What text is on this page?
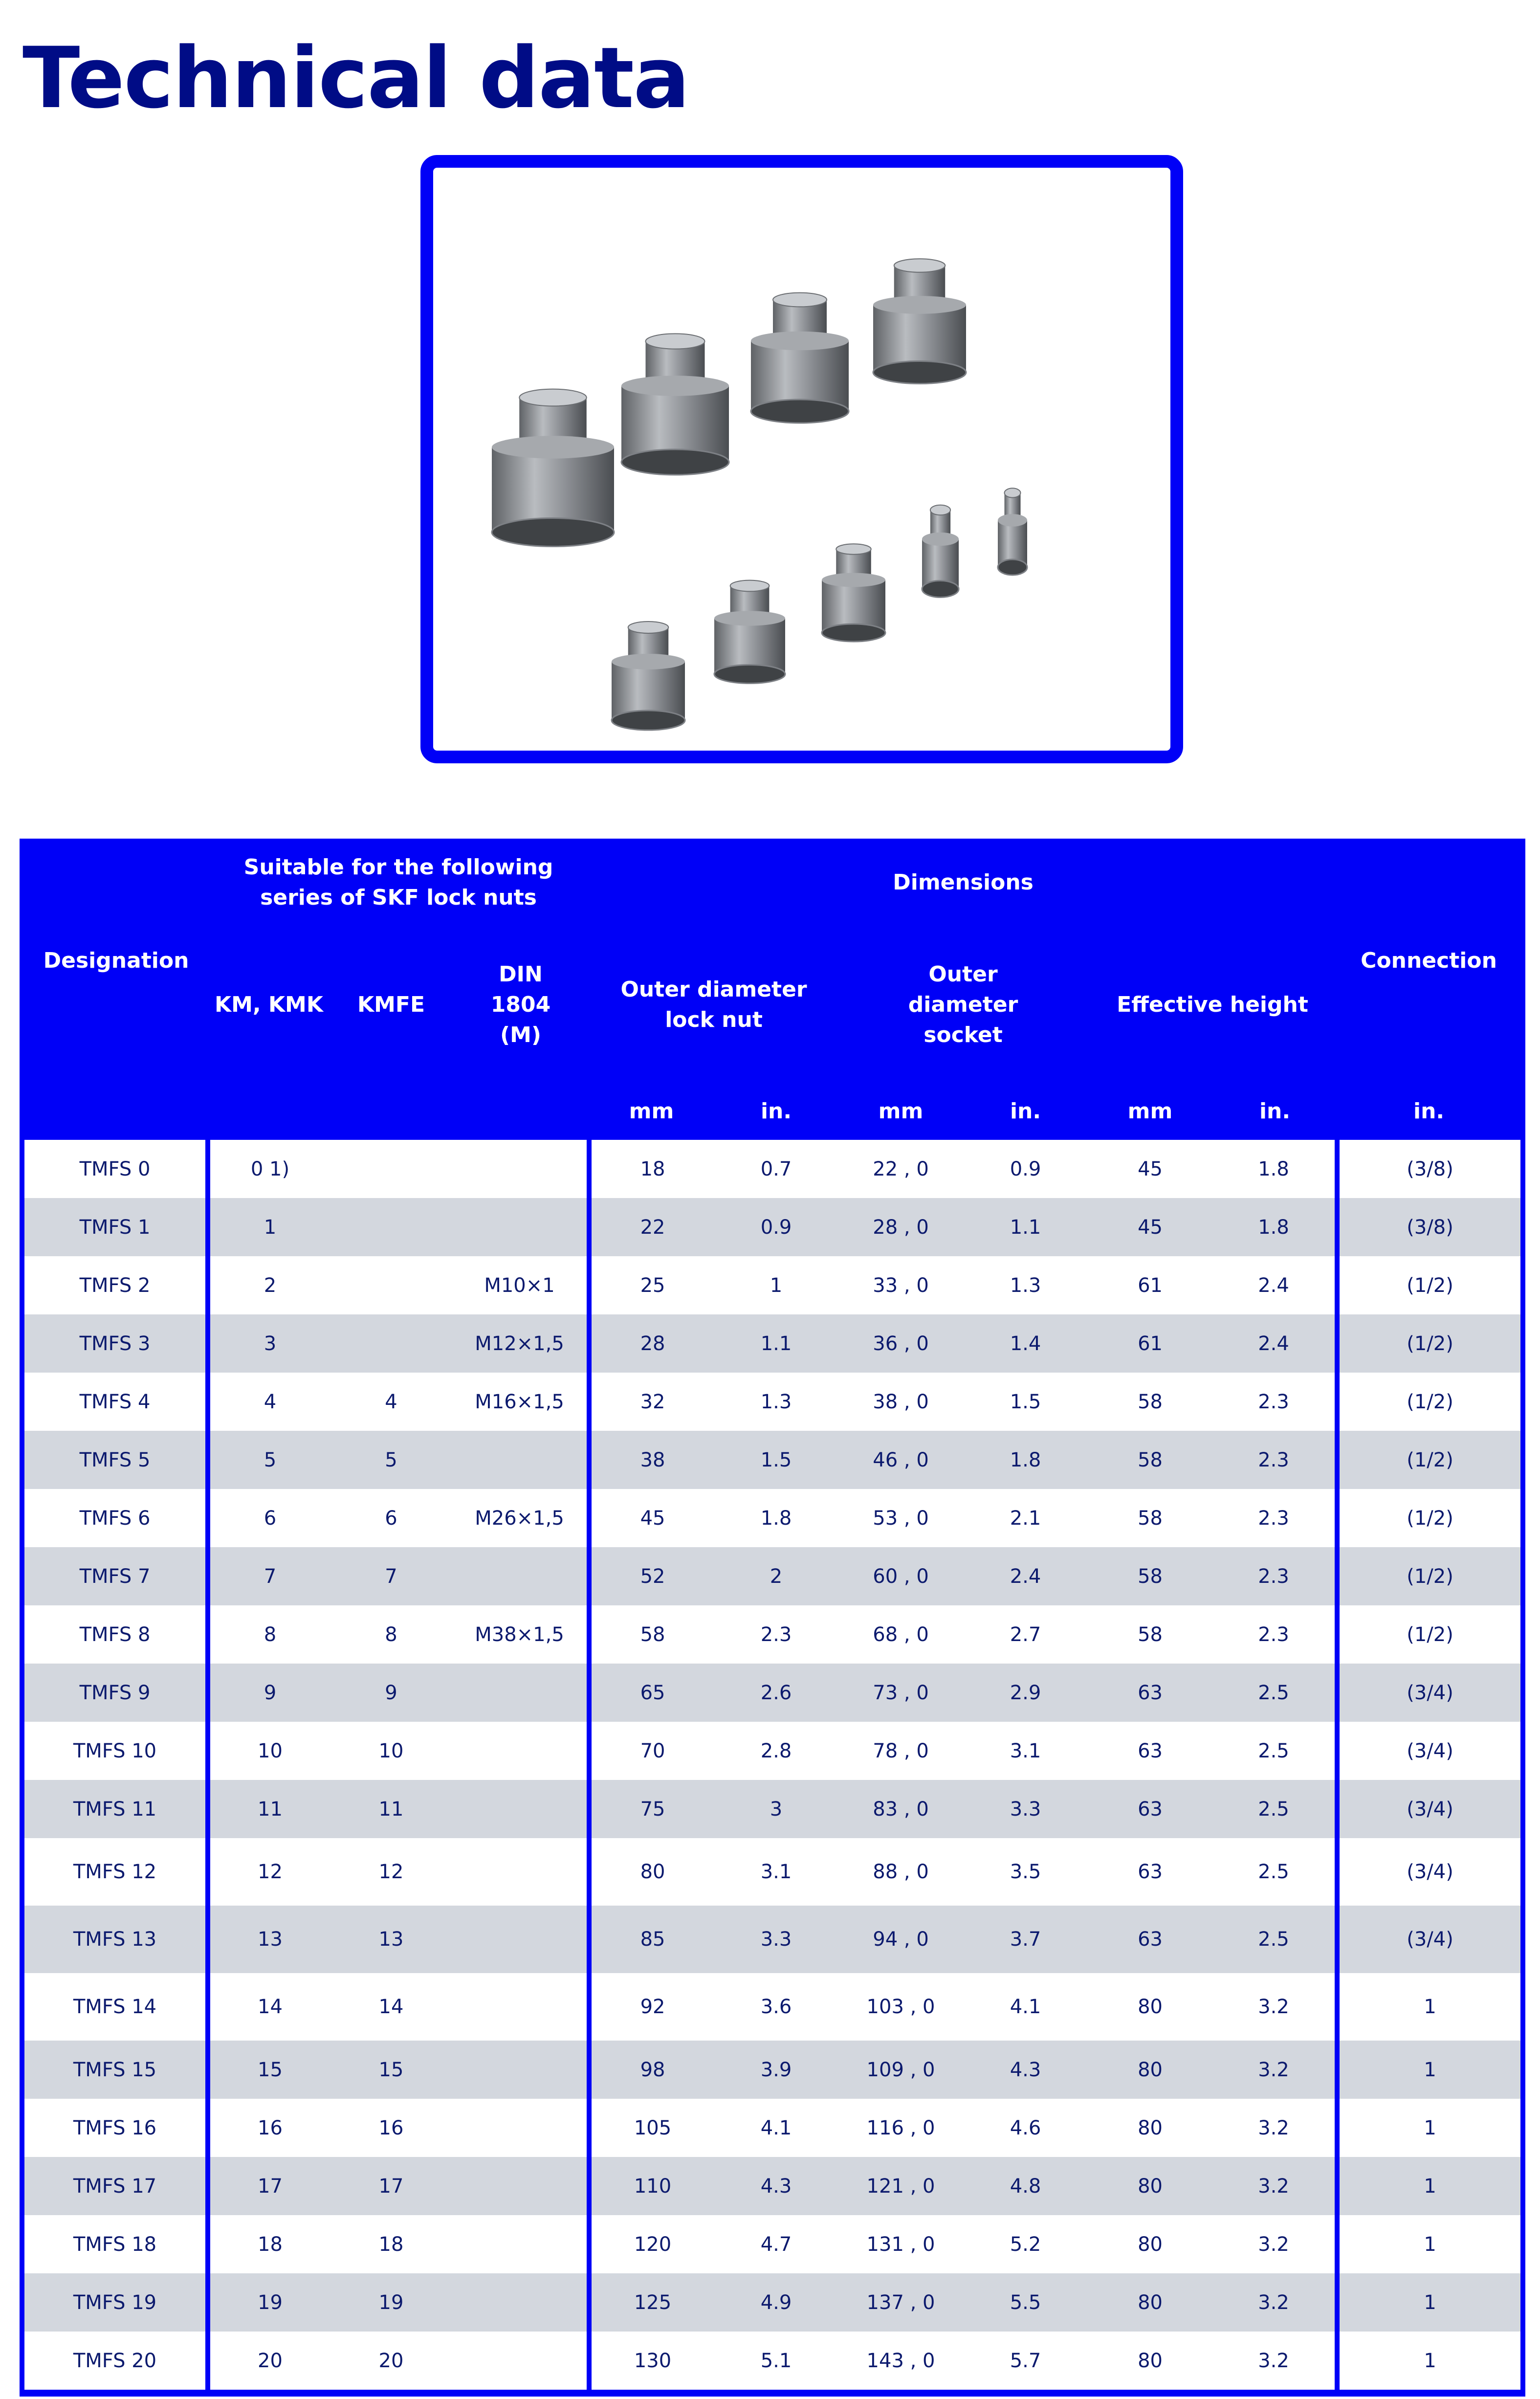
Technical data
Designation	Suitable for the following series of SKF lock nuts			Dimensions						Connection
	KM, KMK	KMFE	DIN 1804 (M)	Outer diameter lock nut		Outer diameter socket		Effective height		
				mm	in.	mm	in.	mm	in.	in.
TMFS 0	0 1)			18	0.7	22 , 0	0.9	45	1.8	(3/8)
TMFS 1	1			22	0.9	28 , 0	1.1	45	1.8	(3/8)
TMFS 2	2		M10×1	25	1	33 , 0	1.3	61	2.4	(1/2)
TMFS 3	3		M12×1,5	28	1.1	36 , 0	1.4	61	2.4	(1/2)
TMFS 4	4	4	M16×1,5	32	1.3	38 , 0	1.5	58	2.3	(1/2)
TMFS 5	5	5		38	1.5	46 , 0	1.8	58	2.3	(1/2)
TMFS 6	6	6	M26×1,5	45	1.8	53 , 0	2.1	58	2.3	(1/2)
TMFS 7	7	7		52	2	60 , 0	2.4	58	2.3	(1/2)
TMFS 8	8	8	M38×1,5	58	2.3	68 , 0	2.7	58	2.3	(1/2)
TMFS 9	9	9		65	2.6	73 , 0	2.9	63	2.5	(3/4)
TMFS 10	10	10		70	2.8	78 , 0	3.1	63	2.5	(3/4)
TMFS 11	11	11		75	3	83 , 0	3.3	63	2.5	(3/4)
TMFS 12	12	12		80	3.1	88 , 0	3.5	63	2.5	(3/4)
TMFS 13	13	13		85	3.3	94 , 0	3.7	63	2.5	(3/4)
TMFS 14	14	14		92	3.6	103 , 0	4.1	80	3.2	1
TMFS 15	15	15		98	3.9	109 , 0	4.3	80	3.2	1
TMFS 16	16	16		105	4.1	116 , 0	4.6	80	3.2	1
TMFS 17	17	17		110	4.3	121 , 0	4.8	80	3.2	1
TMFS 18	18	18		120	4.7	131 , 0	5.2	80	3.2	1
TMFS 19	19	19		125	4.9	137 , 0	5.5	80	3.2	1
TMFS 20	20	20		130	5.1	143 , 0	5.7	80	3.2	1
